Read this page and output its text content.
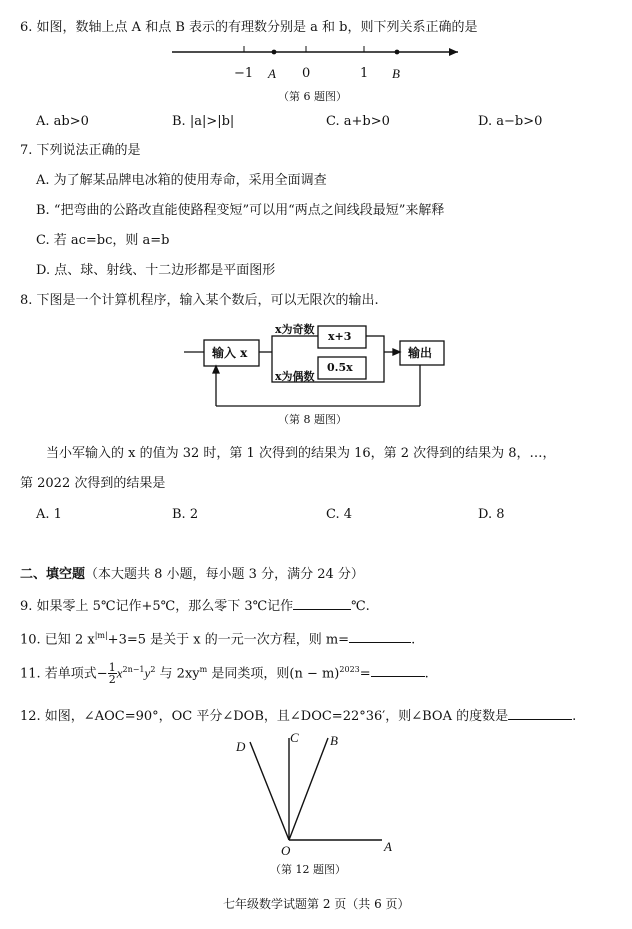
6. 如图，数轴上点 A 和点 B 表示的有理数分别是 a 和 b，则下列关系正确的是
−1 A 0	1 B
（第 6 题图）
A. ab>0	B. |a|>|b|	C. a+b>0	D. a−b>0
7. 下列说法正确的是
A. 为了解某品牌电冰箱的使用寿命，采用全面调查
B. “把弯曲的公路改直能使路程变短”可以用“两点之间线段最短”来解释
C. 若 ac=bc，则 a=b
D. 点、球、射线、十二边形都是平面图形
8. 下图是一个计算机程序，输入某个数后，可以无限次的输出.
输入 x
x为奇数
x为偶数
x+3
0.5x
输出
（第 8 题图）
当小军输入的 x 的值为 32 时，第 1 次得到的结果为 16，第 2 次得到的结果为 8，…，
第 2022 次得到的结果是
A. 1	B. 2	C. 4	D. 8
二、填空题（本大题共 8 小题，每小题 3 分，满分 24 分）
9. 如果零上 5℃记作+5℃，那么零下 3℃记作	℃.
10. 已知 2 $x^{|m|}+3=5$ 是关于 x 的一元一次方程，则 m=	.
11. 若单项式− $\frac{1}{2} x^{2n-1}y^2$ 与 $2xy^m$ 是同类项，则$(n - m)^{2023}=$	.
12. 如图，∠AOC=90°，OC 平分∠DOB，且∠DOC=22°36′，则∠BOA 的度数是	.
D
C B
O	A
（第 12 题图）
七年级数学试题第 2 页（共 6 页）
